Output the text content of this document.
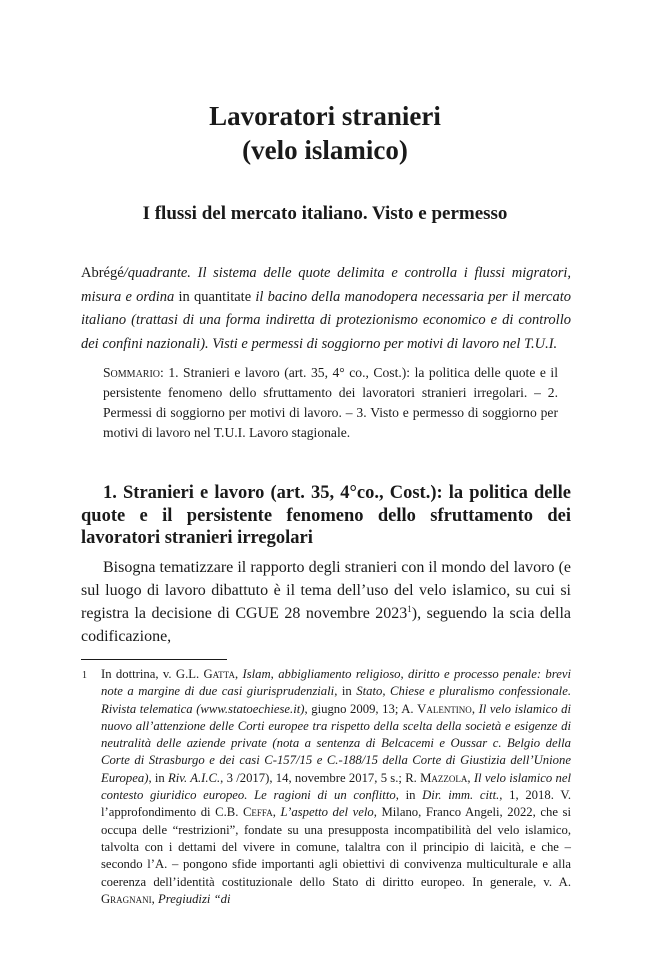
Lavoratori stranieri
(velo islamico)
I flussi del mercato italiano. Visto e permesso
Abrégé/quadrante. Il sistema delle quote delimita e controlla i flussi migratori, misura e ordina in quantitate il bacino della manodopera necessaria per il mercato italiano (trattasi di una forma indiretta di protezionismo economico e di controllo dei confini nazionali). Visti e permessi di soggiorno per motivi di lavoro nel T.U.I.
Sommario: 1. Stranieri e lavoro (art. 35, 4° co., Cost.): la politica delle quote e il persistente fenomeno dello sfruttamento dei lavoratori stranieri irregolari. – 2. Permessi di soggiorno per motivi di lavoro. – 3. Visto e permesso di soggiorno per motivi di lavoro nel T.U.I. Lavoro stagionale.
1. Stranieri e lavoro (art. 35, 4°co., Cost.): la politica delle quote e il persistente fenomeno dello sfruttamento dei lavoratori stranieri irregolari
Bisogna tematizzare il rapporto degli stranieri con il mondo del lavoro (e sul luogo di lavoro dibattuto è il tema dell’uso del velo islamico, su cui si registra la decisione di CGUE 28 novembre 2023$^1$), seguendo la scia della codificazione,
1 In dottrina, v. G.L. Gatta, Islam, abbigliamento religioso, diritto e processo penale: brevi note a margine di due casi giurisprudenziali, in Stato, Chiese e pluralismo confessionale. Rivista telematica (www.statoechiese.it), giugno 2009, 13; A. Valentino, Il velo islamico di nuovo all’attenzione delle Corti europee tra rispetto della scelta della società e esigenze di neutralità delle aziende private (nota a sentenza di Belcacemi e Oussar c. Belgio della Corte di Strasburgo e dei casi C-157/15 e C.-188/15 della Corte di Giustizia dell’Unione Europea), in Riv. A.I.C., 3 /2017), 14, novembre 2017, 5 s.; R. Mazzola, Il velo islamico nel contesto giuridico europeo. Le ragioni di un conflitto, in Dir. imm. citt., 1, 2018. V. l’approfondimento di C.B. Ceffa, L’aspetto del velo, Milano, Franco Angeli, 2022, che si occupa delle “restrizioni”, fondate su una presupposta incompatibilità del velo islamico, talvolta con i dettami del vivere in comune, talaltra con il principio di laicità, e che – secondo l’A. – pongono sfide importanti agli obiettivi di convivenza multiculturale e alla coerenza dell’identità costituzionale dello Stato di diritto europeo. In generale, v. A. Gragnani, Pregiudizi “di
